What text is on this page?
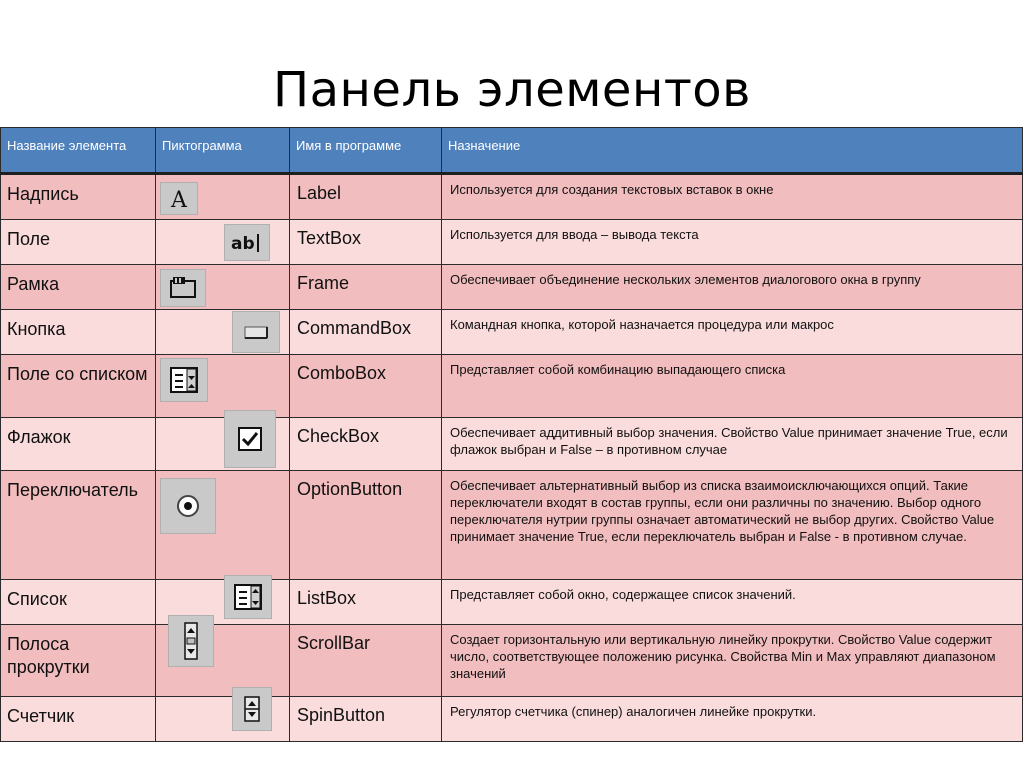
Панель элементов
Название элемента	Пиктограмма	Имя в программе	Назначение

Надпись	A	Label	Используется для создания текстовых вставок в окне

Поле	ab	TextBox	Используется для ввода – вывода текста

Рамка		Frame	Обеспечивает объединение нескольких элементов диалогового окна в группу

Кнопка		CommandBox	Командная кнопка, которой назначается процедура или макрос

Поле со списком		ComboBox	Представляет собой комбинацию выпадающего списка

Флажок		CheckBox	Обеспечивает аддитивный выбор значения. Свойство Value принимает значение True, если флажок выбран и False – в противном случае

Переключатель		OptionButton	Обеспечивает альтернативный выбор из списка взаимоисключающихся опций. Такие переключатели входят в состав группы, если они различны по значению. Выбор одного переключателя нутрии группы означает автоматический не выбор других. Свойство Value принимает значение True, если переключатель выбран и False - в противном случае.

Список		ListBox	Представляет собой окно, содержащее список значений.

Полоса прокрутки		ScrollBar	Создает горизонтальную или вертикальную линейку прокрутки. Свойство Value содержит число, соответствующее положению рисунка. Свойства Min и Max управляют диапазоном значений

Счетчик		SpinButton	Регулятор счетчика (спинер) аналогичен линейке прокрутки.
